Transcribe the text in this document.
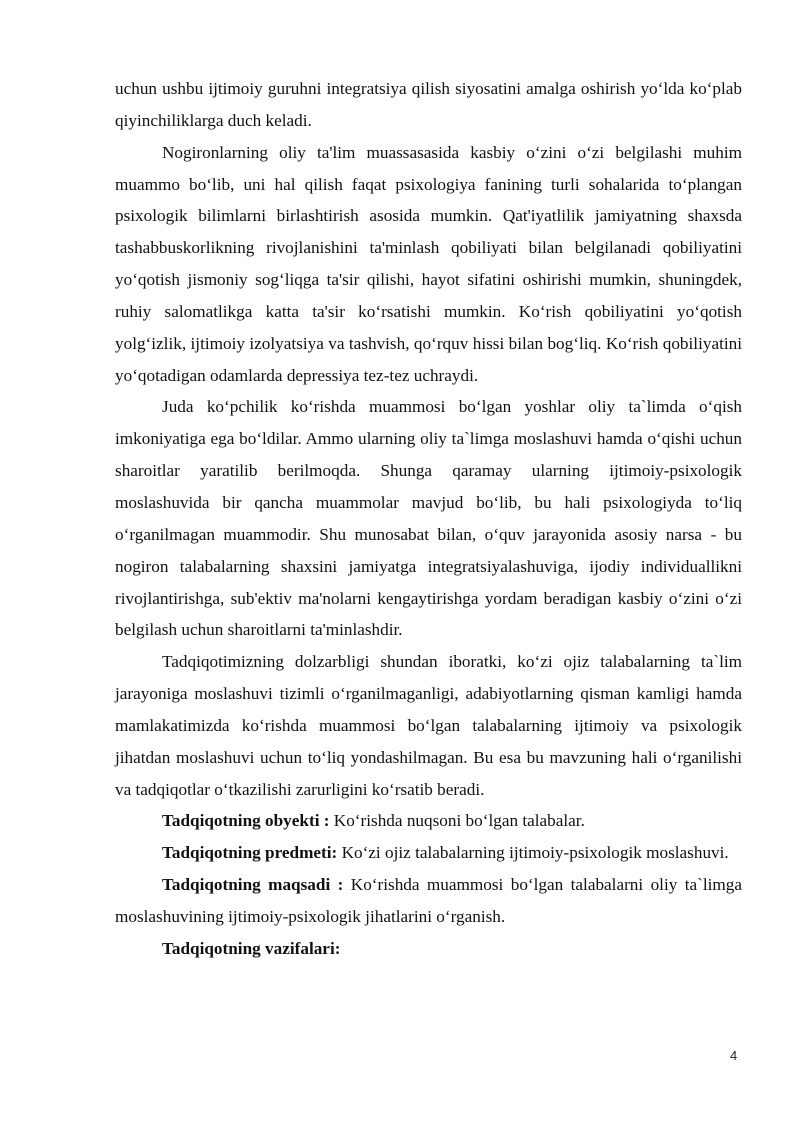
uchun ushbu ijtimoiy guruhni integratsiya qilish siyosatini amalga oshirish yo‘lda ko‘plab qiyinchiliklarga duch keladi.

Nogironlarning oliy ta'lim muassasasida kasbiy o‘zini o‘zi belgilashi muhim muammo bo‘lib, uni hal qilish faqat psixologiya fanining turli sohalarida to‘plangan psixologik bilimlarni birlashtirish asosida mumkin. Qat'iyatlilik jamiyatning shaxsda tashabbuskorlikning rivojlanishini ta'minlash qobiliyati bilan belgilanadi qobiliyatini yo‘qotish jismoniy sog‘liqga ta'sir qilishi, hayot sifatini oshirishi mumkin, shuningdek, ruhiy salomatlikga katta ta'sir ko‘rsatishi mumkin. Ko‘rish qobiliyatini yo‘qotish yolg‘izlik, ijtimoiy izolyatsiya va tashvish, qo‘rquv hissi bilan bog‘liq. Ko‘rish qobiliyatini yo‘qotadigan odamlarda depressiya tez-tez uchraydi.

Juda ko‘pchilik ko‘rishda muammosi bo‘lgan yoshlar oliy ta`limda o‘qish imkoniyatiga ega bo‘ldilar. Ammo ularning oliy ta`limga moslashuvi hamda o‘qishi uchun sharoitlar yaratilib berilmoqda. Shunga qaramay ularning ijtimoiy-psixologik moslashuvida bir qancha muammolar mavjud bo‘lib, bu hali psixologiyda to‘liq o‘rganilmagan muammodir. Shu munosabat bilan, o‘quv jarayonida asosiy narsa - bu nogiron talabalarning shaxsini jamiyatga integratsiyalashuviga, ijodiy individuallikni rivojlantirishga, sub'ektiv ma'nolarni kengaytirishga yordam beradigan kasbiy o‘zini o‘zi belgilash uchun sharoitlarni ta'minlashdir.

Tadqiqotimizning dolzarbligi shundan iboratki, ko‘zi ojiz talabalarning ta`lim jarayoniga moslashuvi tizimli o‘rganilmaganligi, adabiyotlarning qisman kamligi hamda mamlakatimizda ko‘rishda muammosi bo‘lgan talabalarning ijtimoiy va psixologik jihatdan moslashuvi uchun to‘liq yondashilmagan. Bu esa bu mavzuning hali o‘rganilishi va tadqiqotlar o‘tkazilishi zarurligini ko‘rsatib beradi.

Tadqiqotning obyekti : Ko‘rishda nuqsoni bo‘lgan talabalar.

Tadqiqotning predmeti: Ko‘zi ojiz talabalarning ijtimoiy-psixologik moslashuvi.

Tadqiqotning maqsadi : Ko‘rishda muammosi bo‘lgan talabalarni oliy ta`limga moslashuvining ijtimoiy-psixologik jihatlarini o‘rganish.

Tadqiqotning vazifalari:

4
